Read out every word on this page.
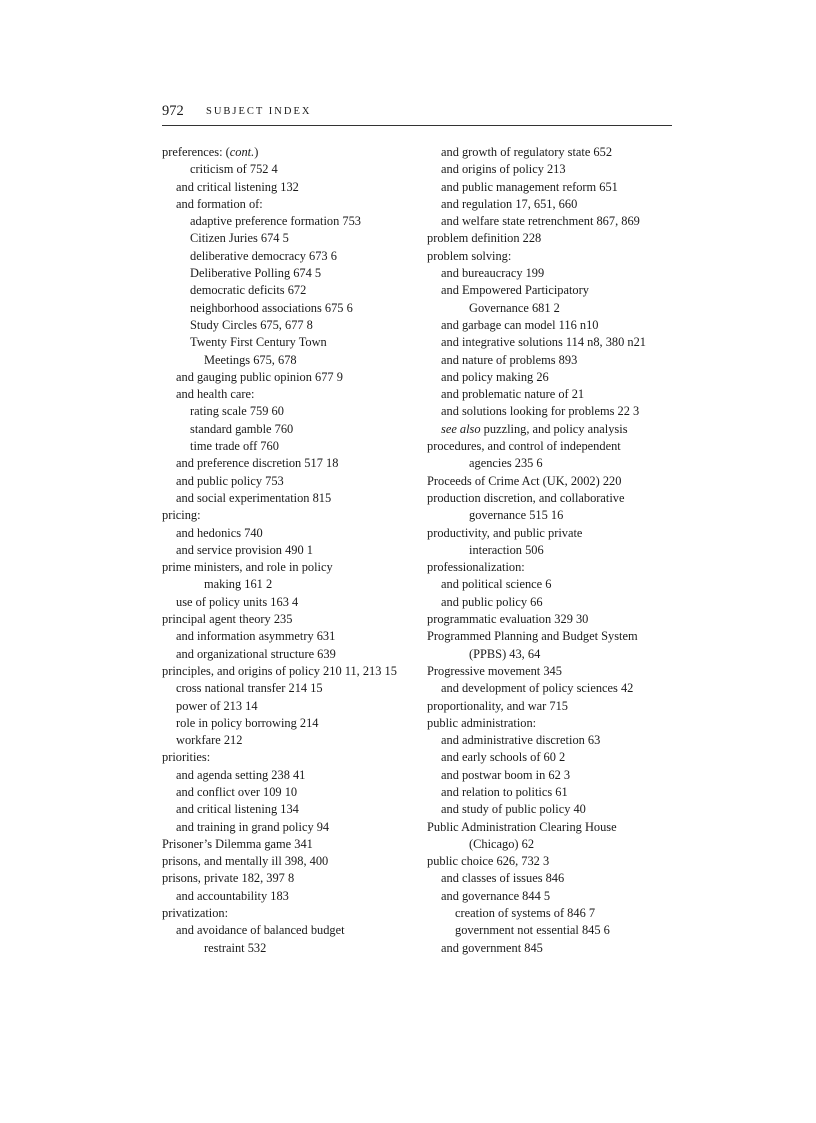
972 SUBJECT INDEX
preferences: (cont.)
criticism of 752 4
and critical listening 132
and formation of:
adaptive preference formation 753
Citizen Juries 674 5
deliberative democracy 673 6
Deliberative Polling 674 5
democratic deficits 672
neighborhood associations 675 6
Study Circles 675, 677 8
Twenty First Century Town
Meetings 675, 678
and gauging public opinion 677 9
and health care:
rating scale 759 60
standard gamble 760
time trade off 760
and preference discretion 517 18
and public policy 753
and social experimentation 815
pricing:
and hedonics 740
and service provision 490 1
prime ministers, and role in policy
making 161 2
use of policy units 163 4
principal agent theory 235
and information asymmetry 631
and organizational structure 639
principles, and origins of policy 210 11, 213 15
cross national transfer 214 15
power of 213 14
role in policy borrowing 214
workfare 212
priorities:
and agenda setting 238 41
and conflict over 109 10
and critical listening 134
and training in grand policy 94
Prisoner’s Dilemma game 341
prisons, and mentally ill 398, 400
prisons, private 182, 397 8
and accountability 183
privatization:
and avoidance of balanced budget
restraint 532
and growth of regulatory state 652
and origins of policy 213
and public management reform 651
and regulation 17, 651, 660
and welfare state retrenchment 867, 869
problem definition 228
problem solving:
and bureaucracy 199
and Empowered Participatory
Governance 681 2
and garbage can model 116 n10
and integrative solutions 114 n8, 380 n21
and nature of problems 893
and policy making 26
and problematic nature of 21
and solutions looking for problems 22 3
see also puzzling, and policy analysis
procedures, and control of independent
agencies 235 6
Proceeds of Crime Act (UK, 2002) 220
production discretion, and collaborative
governance 515 16
productivity, and public private
interaction 506
professionalization:
and political science 6
and public policy 66
programmatic evaluation 329 30
Programmed Planning and Budget System
(PPBS) 43, 64
Progressive movement 345
and development of policy sciences 42
proportionality, and war 715
public administration:
and administrative discretion 63
and early schools of 60 2
and postwar boom in 62 3
and relation to politics 61
and study of public policy 40
Public Administration Clearing House
(Chicago) 62
public choice 626, 732 3
and classes of issues 846
and governance 844 5
creation of systems of 846 7
government not essential 845 6
and government 845
